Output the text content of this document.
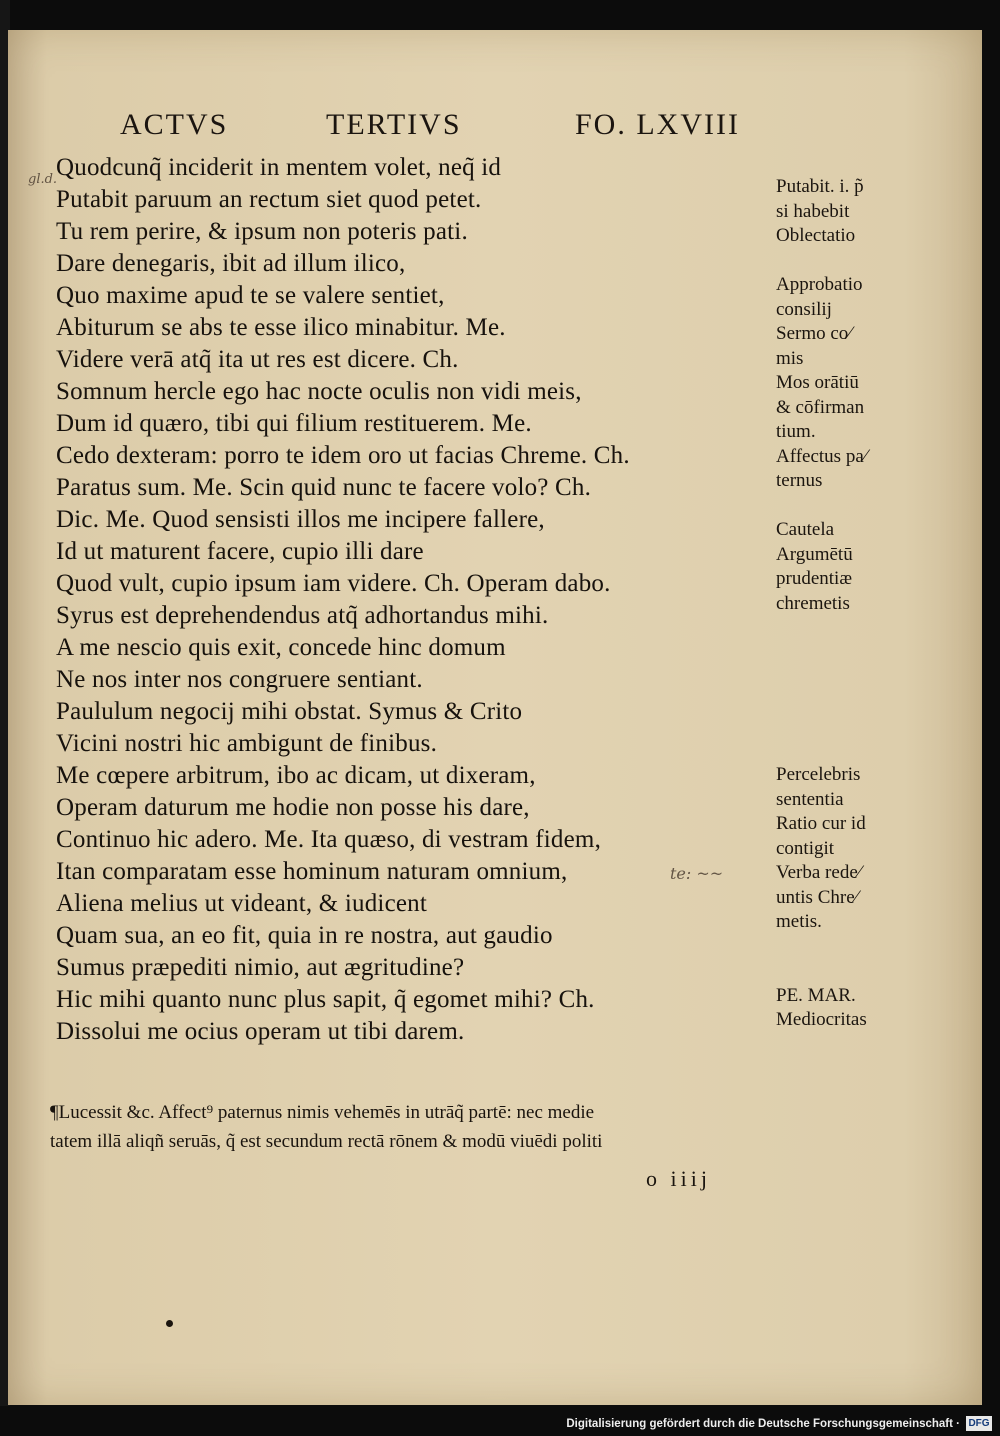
ACTVS	TERTIVS	FO. LXVIII
gl.d.
te: ~~
Quodcunq̃ inciderit in mentem volet, neq̃ id
Putabit paruum an rectum siet quod petet.
Tu rem perire, & ipsum non poteris pati.
Dare denegaris, ibit ad illum ilico,
Quo maxime apud te se valere sentiet,
Abiturum se abs te esse ilico minabitur. Me.
Videre verā atq̃ ita ut res est dicere. Ch.
Somnum hercle ego hac nocte oculis non vidi meis,
Dum id quæro, tibi qui filium restituerem. Me.
Cedo dexteram: porro te idem oro ut facias Chreme. Ch.
Paratus sum. Me. Scin quid nunc te facere volo? Ch.
Dic. Me. Quod sensisti illos me incipere fallere,
Id ut maturent facere, cupio illi dare
Quod vult, cupio ipsum iam videre. Ch. Operam dabo.
Syrus est deprehendendus atq̃ adhortandus mihi.
A me nescio quis exit, concede hinc domum
Ne nos inter nos congruere sentiant.
Paululum negocij mihi obstat. Symus & Crito
Vicini nostri hic ambigunt de finibus.
Me cœpere arbitrum, ibo ac dicam, ut dixeram,
Operam daturum me hodie non posse his dare,
Continuo hic adero. Me. Ita quæso, di vestram fidem,
Itan comparatam esse hominum naturam omnium,
Aliena melius ut videant, & iudicent
Quam sua, an eo fit, quia in re nostra, aut gaudio
Sumus præpediti nimio, aut ægritudine?
Hic mihi quanto nunc plus sapit, q̃ egomet mihi? Ch.
Dissolui me ocius operam ut tibi darem.
Putabit. i. p̃
si habebit
Oblectatio
Approbatio
consilij
Sermo co⁄
mis
Mos orātiū
& cōfirman
tium.
Affectus pa⁄
ternus
Cautela
Argumētū
prudentiæ
chremetis
Percelebris
sententia
Ratio cur id
contigit
Verba rede⁄
untis Chre⁄
metis.
PE. MAR.
Mediocritas
¶Lucessit &c. Affect⁹ paternus nimis vehemēs in utrāq̃ partē: nec medie
tatem illā aliqñ seruās, q̃ est secundum rectā rōnem & modū viuēdi politi
o iiij
Digitalisierung gefördert durch die Deutsche Forschungsgemeinschaft · DFG
